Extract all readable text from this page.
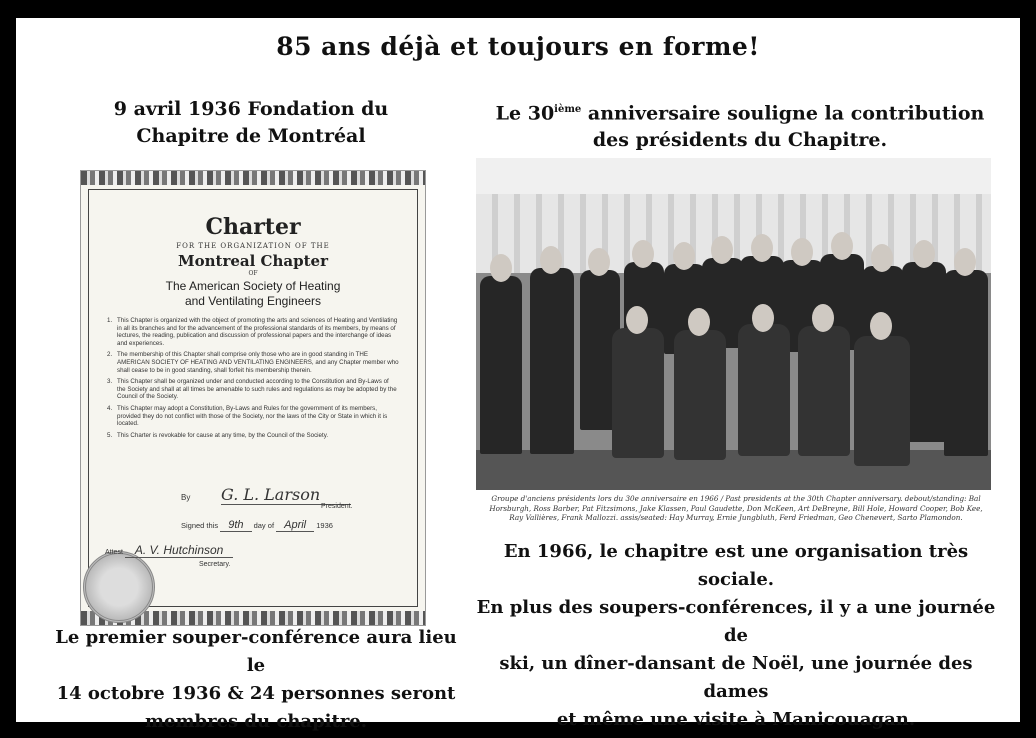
85 ans déjà et toujours en forme!
9 avril 1936 Fondation du
Chapitre de Montréal
Le 30ième anniversaire souligne la contribution
des présidents du Chapitre.
Charter
FOR THE ORGANIZATION OF THE
Montreal Chapter
OF
The American Society of Heating
and Ventilating Engineers
1. This Chapter is organized with the object of promoting the arts and sciences of Heating and Ventilating in all its branches and for the advancement of the professional standards of its members, by means of lectures, the reading, publication and discussion of professional papers and the interchange of ideas and experiences.
2. The membership of this Chapter shall comprise only those who are in good standing in THE AMERICAN SOCIETY OF HEATING AND VENTILATING ENGINEERS, and any Chapter member who shall cease to be in good standing, shall forfeit his membership therein.
3. This Chapter shall be organized under and conducted according to the Constitution and By-Laws of the Society and shall at all times be amenable to such rules and regulations as may be adopted by the Council of the Society.
4. This Chapter may adopt a Constitution, By-Laws and Rules for the government of its members, provided they do not conflict with those of the Society, nor the laws of the City or State in which it is located.
5. This Charter is revokable for cause at any time, by the Council of the Society.
By G. L. Larson
President.
Signed this 9th day of April 1936
Attest A. V. Hutchinson
Secretary.
Groupe d'anciens présidents lors du 30e anniversaire en 1966 / Past presidents at the 30th Chapter anniversary. debout/standing: Bal Horsburgh, Ross Barber, Pat Fitzsimons, Jake Klassen, Paul Gaudette, Don McKeen, Art DeBreyne, Bill Hole, Howard Cooper, Bob Kee, Ray Vallières, Frank Mallozzi. assis/seated: Hay Murray, Ernie Jungbluth, Ferd Friedman, Geo Chenevert, Sarto Plamondon.
En 1966, le chapitre est une organisation très sociale.
En plus des soupers-conférences, il y a une journée de
ski, un dîner-dansant de Noël, une journée des dames
et même une visite à Manicouagan.
Le premier souper-conférence aura lieu le
14 octobre 1936 & 24 personnes seront
membres du chapitre.
